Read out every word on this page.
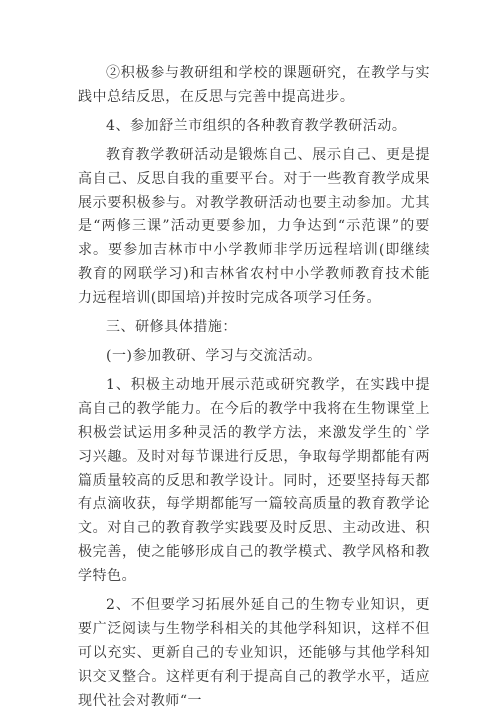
②积极参与教研组和学校的课题研究，在教学与实践中总结反思，在反思与完善中提高进步。

4、参加舒兰市组织的各种教育教学教研活动。

教育教学教研活动是锻炼自己、展示自己、更是提高自己、反思自我的重要平台。对于一些教育教学成果展示要积极参与。对教学教研活动也要主动参加。尤其是“两修三课”活动更要参加，力争达到“示范课”的要求。要参加吉林市中小学教师非学历远程培训(即继续教育的网联学习)和吉林省农村中小学教师教育技术能力远程培训(即国培)并按时完成各项学习任务。

三、研修具体措施：

(一)参加教研、学习与交流活动。

1、积极主动地开展示范或研究教学，在实践中提高自己的教学能力。在今后的教学中我将在生物课堂上积极尝试运用多种灵活的教学方法，来激发学生的`学习兴趣。及时对每节课进行反思，争取每学期都能有两篇质量较高的反思和教学设计。同时，还要坚持每天都有点滴收获，每学期都能写一篇较高质量的教育教学论文。对自己的教育教学实践要及时反思、主动改进、积极完善，使之能够形成自己的教学模式、教学风格和教学特色。

2、不但要学习拓展外延自己的生物专业知识，更要广泛阅读与生物学科相关的其他学科知识，这样不但可以充实、更新自己的专业知识，还能够与其他学科知识交叉整合。这样更有利于提高自己的教学水平，适应现代社会对教师“一
